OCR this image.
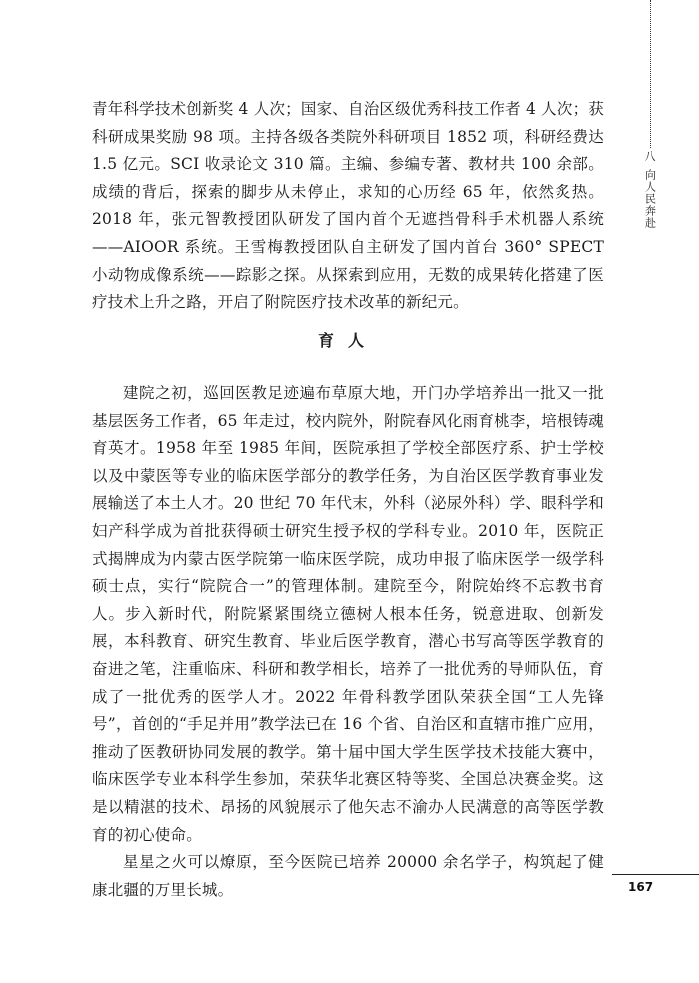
八
向人民奔赴

青年科学技术创新奖 4 人次；国家、自治区级优秀科技工作者 4 人次；获科研成果奖励 98 项。主持各级各类院外科研项目 1852 项，科研经费达 1.5 亿元。SCI 收录论文 310 篇。主编、参编专著、教材共 100 余部。成绩的背后，探索的脚步从未停止，求知的心历经 65 年，依然炙热。2018 年，张元智教授团队研发了国内首个无遮挡骨科手术机器人系统——AIOOR 系统。王雪梅教授团队自主研发了国内首台 360° SPECT 小动物成像系统——踪影之探。从探索到应用，无数的成果转化搭建了医疗技术上升之路，开启了附院医疗技术改革的新纪元。

育人

建院之初，巡回医教足迹遍布草原大地，开门办学培养出一批又一批基层医务工作者，65 年走过，校内院外，附院春风化雨育桃李，培根铸魂育英才。1958 年至 1985 年间，医院承担了学校全部医疗系、护士学校以及中蒙医等专业的临床医学部分的教学任务，为自治区医学教育事业发展输送了本土人才。20 世纪 70 年代末，外科（泌尿外科）学、眼科学和妇产科学成为首批获得硕士研究生授予权的学科专业。2010 年，医院正式揭牌成为内蒙古医学院第一临床医学院，成功申报了临床医学一级学科硕士点，实行“院院合一”的管理体制。建院至今，附院始终不忘教书育人。步入新时代，附院紧紧围绕立德树人根本任务，锐意进取、创新发展，本科教育、研究生教育、毕业后医学教育，潜心书写高等医学教育的奋进之笔，注重临床、科研和教学相长，培养了一批优秀的导师队伍，育成了一批优秀的医学人才。2022 年骨科教学团队荣获全国“工人先锋号”，首创的“手足并用”教学法已在 16 个省、自治区和直辖市推广应用，推动了医教研协同发展的教学。第十届中国大学生医学技术技能大赛中，临床医学专业本科学生参加，荣获华北赛区特等奖、全国总决赛金奖。这是以精湛的技术、昂扬的风貌展示了他矢志不渝办人民满意的高等医学教育的初心使命。

星星之火可以燎原，至今医院已培养 20000 余名学子，构筑起了健康北疆的万里长城。	167
